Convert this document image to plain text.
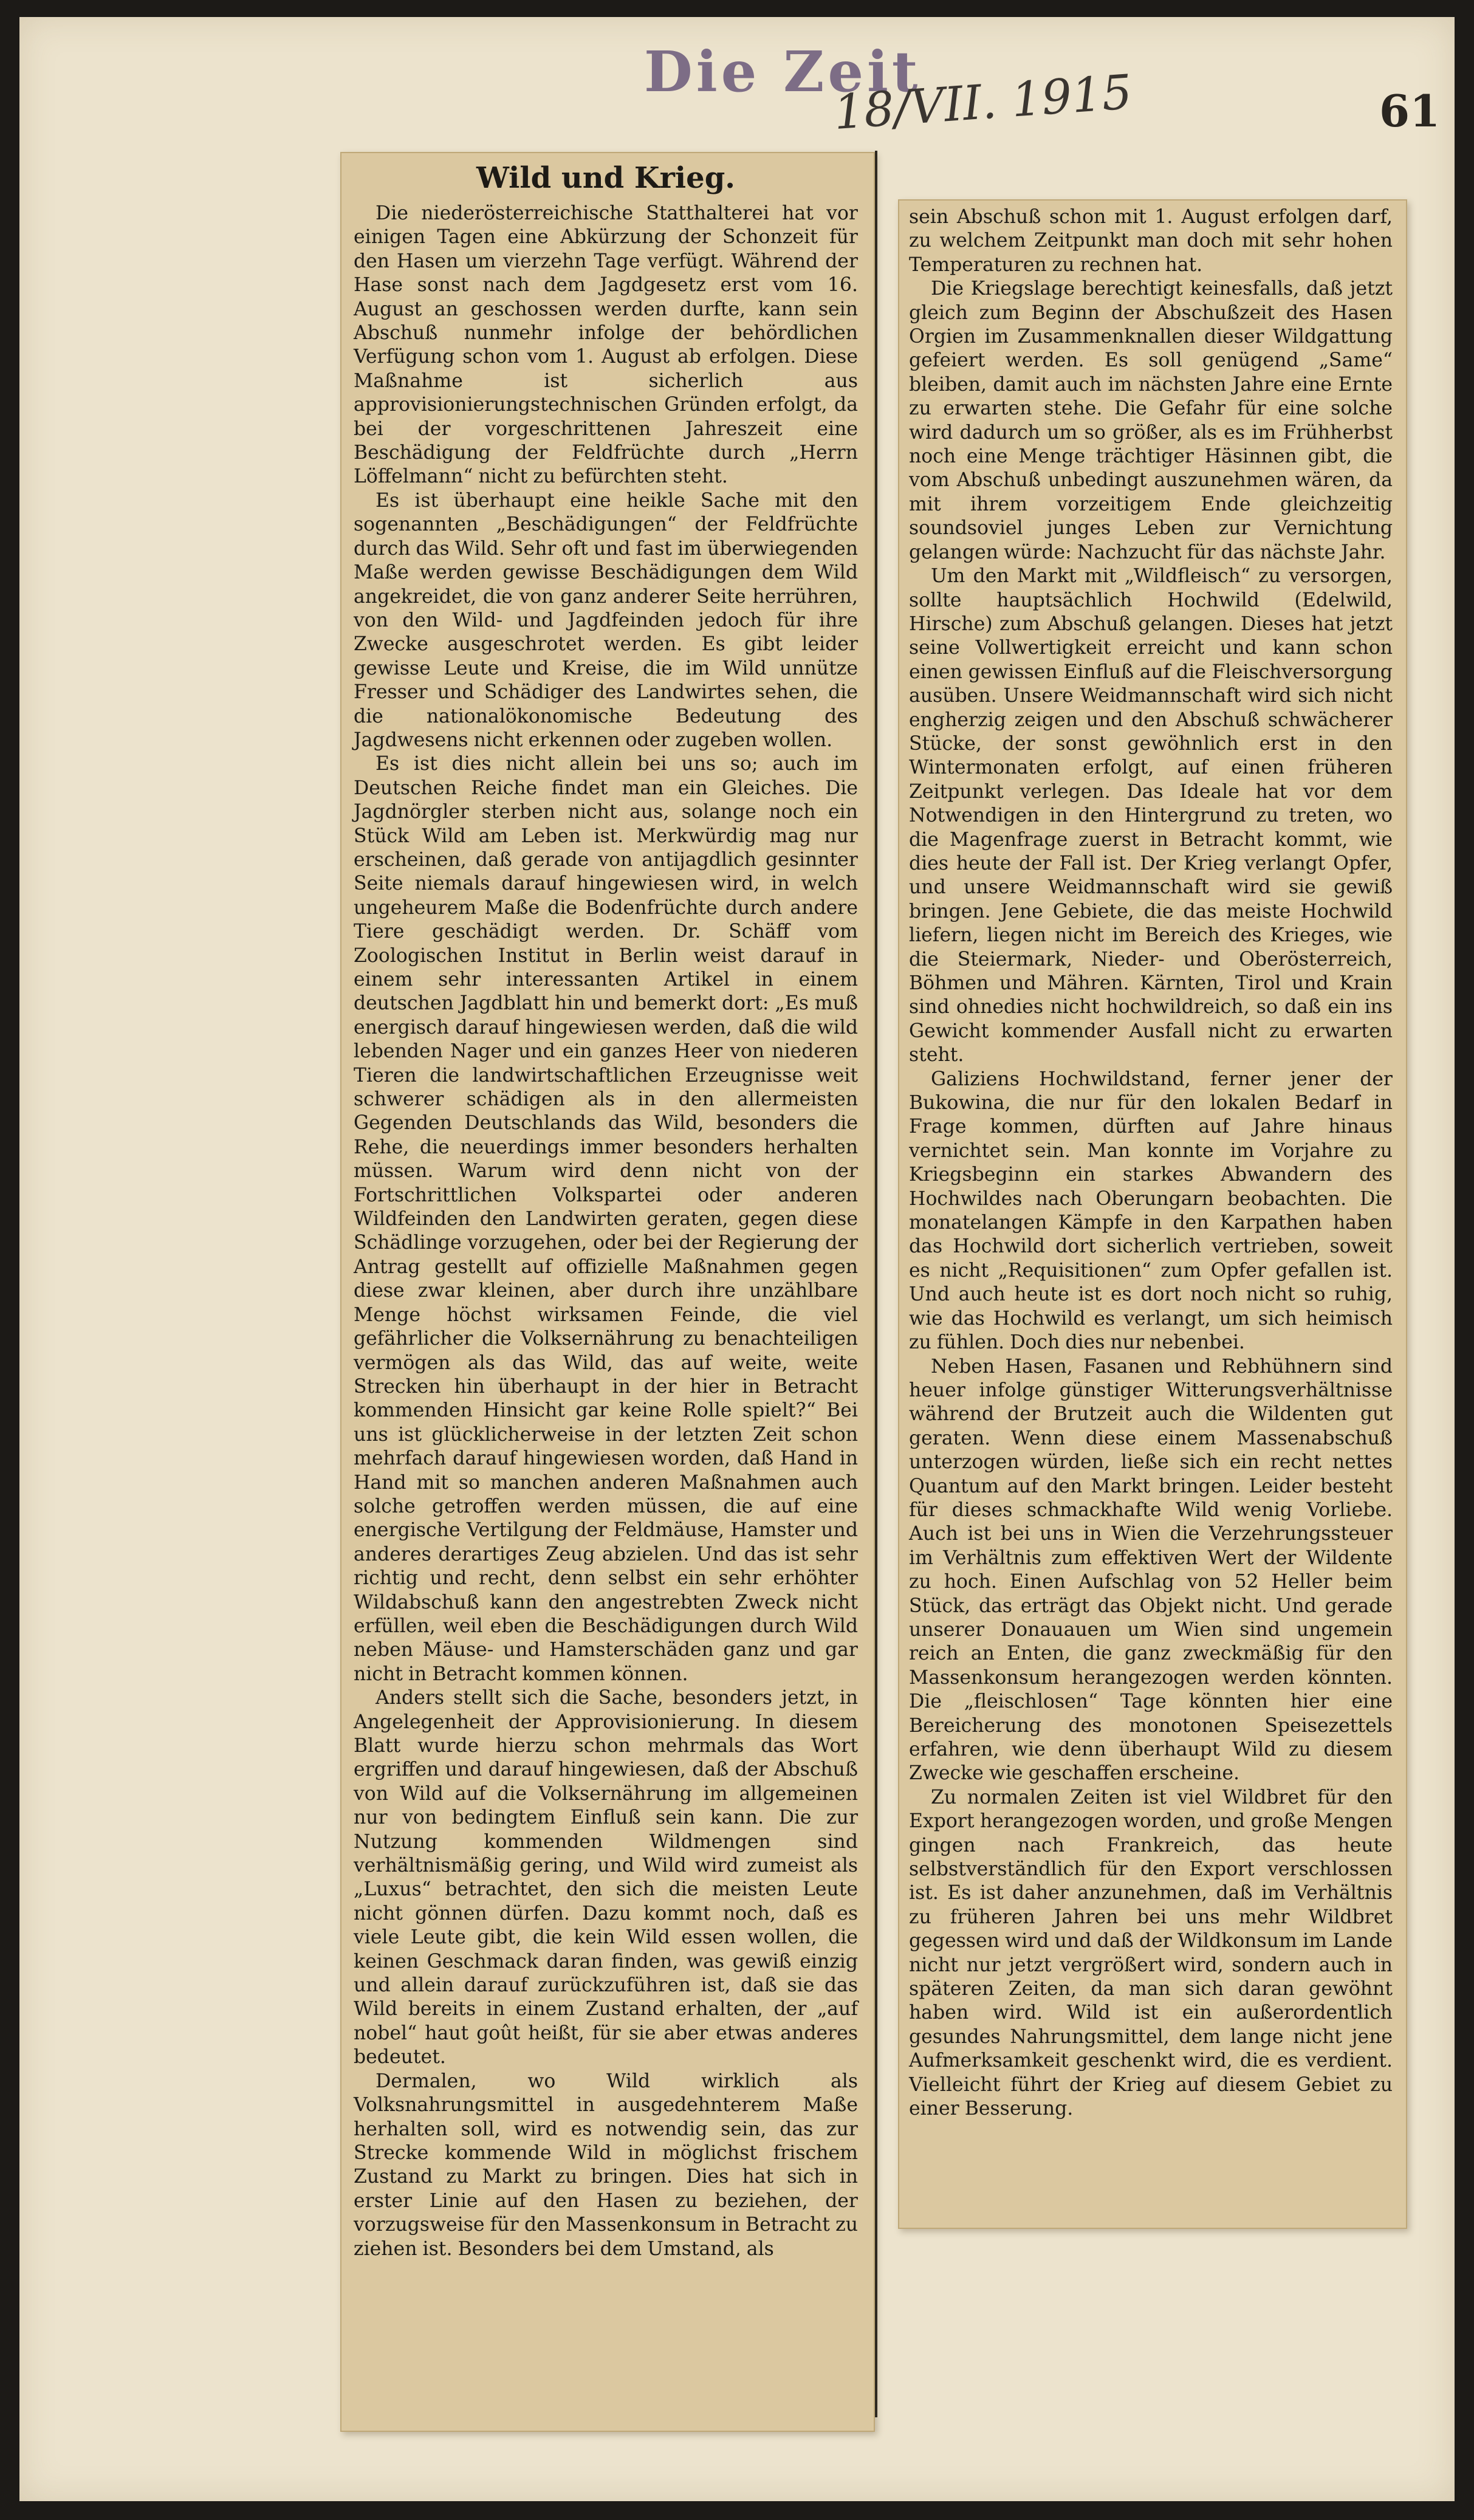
Die Zeit
18/VII. 1915	61
Wild und Krieg.

Die niederösterreichische Statthalterei hat vor einigen Tagen eine Abkürzung der Schonzeit für den Hasen um vierzehn Tage verfügt. Während der Hase sonst nach dem Jagdgesetz erst vom 16. August an geschossen werden durfte, kann sein Abschuß nunmehr infolge der behördlichen Verfügung schon vom 1. August ab erfolgen. Diese Maßnahme ist sicherlich aus approvisionierungstechnischen Gründen erfolgt, da bei der vorgeschrittenen Jahreszeit eine Beschädigung der Feldfrüchte durch „Herrn Löffelmann“ nicht zu befürchten steht.

Es ist überhaupt eine heikle Sache mit den sogenannten „Beschädigungen“ der Feldfrüchte durch das Wild. Sehr oft und fast im überwiegenden Maße werden gewisse Beschädigungen dem Wild angekreidet, die von ganz anderer Seite herrühren, von den Wild- und Jagdfeinden jedoch für ihre Zwecke ausgeschrotet werden. Es gibt leider gewisse Leute und Kreise, die im Wild unnütze Fresser und Schädiger des Landwirtes sehen, die die nationalökonomische Bedeutung des Jagdwesens nicht erkennen oder zugeben wollen.

Es ist dies nicht allein bei uns so; auch im Deutschen Reiche findet man ein Gleiches. Die Jagdnörgler sterben nicht aus, solange noch ein Stück Wild am Leben ist. Merkwürdig mag nur erscheinen, daß gerade von antijagdlich gesinnter Seite niemals darauf hingewiesen wird, in welch ungeheurem Maße die Bodenfrüchte durch andere Tiere geschädigt werden. Dr. Schäff vom Zoologischen Institut in Berlin weist darauf in einem sehr interessanten Artikel in einem deutschen Jagdblatt hin und bemerkt dort: „Es muß energisch darauf hingewiesen werden, daß die wild lebenden Nager und ein ganzes Heer von niederen Tieren die landwirtschaftlichen Erzeugnisse weit schwerer schädigen als in den allermeisten Gegenden Deutschlands das Wild, besonders die Rehe, die neuerdings immer besonders herhalten müssen. Warum wird denn nicht von der Fortschrittlichen Volkspartei oder anderen Wildfeinden den Landwirten geraten, gegen diese Schädlinge vorzugehen, oder bei der Regierung der Antrag gestellt auf offizielle Maßnahmen gegen diese zwar kleinen, aber durch ihre unzählbare Menge höchst wirksamen Feinde, die viel gefährlicher die Volksernährung zu benachteiligen vermögen als das Wild, das auf weite, weite Strecken hin überhaupt in der hier in Betracht kommenden Hinsicht gar keine Rolle spielt?“ Bei uns ist glücklicherweise in der letzten Zeit schon mehrfach darauf hingewiesen worden, daß Hand in Hand mit so manchen anderen Maßnahmen auch solche getroffen werden müssen, die auf eine energische Vertilgung der Feldmäuse, Hamster und anderes derartiges Zeug abzielen. Und das ist sehr richtig und recht, denn selbst ein sehr erhöhter Wildabschuß kann den angestrebten Zweck nicht erfüllen, weil eben die Beschädigungen durch Wild neben Mäuse- und Hamsterschäden ganz und gar nicht in Betracht kommen können.

Anders stellt sich die Sache, besonders jetzt, in Angelegenheit der Approvisionierung. In diesem Blatt wurde hierzu schon mehrmals das Wort ergriffen und darauf hingewiesen, daß der Abschuß von Wild auf die Volksernährung im allgemeinen nur von bedingtem Einfluß sein kann. Die zur Nutzung kommenden Wildmengen sind verhältnismäßig gering, und Wild wird zumeist als „Luxus“ betrachtet, den sich die meisten Leute nicht gönnen dürfen. Dazu kommt noch, daß es viele Leute gibt, die kein Wild essen wollen, die keinen Geschmack daran finden, was gewiß einzig und allein darauf zurückzuführen ist, daß sie das Wild bereits in einem Zustand erhalten, der „auf nobel“ haut goût heißt, für sie aber etwas anderes bedeutet.

Dermalen, wo Wild wirklich als Volksnahrungsmittel in ausgedehnterem Maße herhalten soll, wird es notwendig sein, das zur Strecke kommende Wild in möglichst frischem Zustand zu Markt zu bringen. Dies hat sich in erster Linie auf den Hasen zu beziehen, der vorzugsweise für den Massenkonsum in Betracht zu ziehen ist. Besonders bei dem Umstand, als

sein Abschuß schon mit 1. August erfolgen darf, zu welchem Zeitpunkt man doch mit sehr hohen Temperaturen zu rechnen hat.

Die Kriegslage berechtigt keinesfalls, daß jetzt gleich zum Beginn der Abschußzeit des Hasen Orgien im Zusammenknallen dieser Wildgattung gefeiert werden. Es soll genügend „Same“ bleiben, damit auch im nächsten Jahre eine Ernte zu erwarten stehe. Die Gefahr für eine solche wird dadurch um so größer, als es im Frühherbst noch eine Menge trächtiger Häsinnen gibt, die vom Abschuß unbedingt auszunehmen wären, da mit ihrem vorzeitigem Ende gleichzeitig soundsoviel junges Leben zur Vernichtung gelangen würde: Nachzucht für das nächste Jahr.

Um den Markt mit „Wildfleisch“ zu versorgen, sollte hauptsächlich Hochwild (Edelwild, Hirsche) zum Abschuß gelangen. Dieses hat jetzt seine Vollwertigkeit erreicht und kann schon einen gewissen Einfluß auf die Fleischversorgung ausüben. Unsere Weidmannschaft wird sich nicht engherzig zeigen und den Abschuß schwächerer Stücke, der sonst gewöhnlich erst in den Wintermonaten erfolgt, auf einen früheren Zeitpunkt verlegen. Das Ideale hat vor dem Notwendigen in den Hintergrund zu treten, wo die Magenfrage zuerst in Betracht kommt, wie dies heute der Fall ist. Der Krieg verlangt Opfer, und unsere Weidmannschaft wird sie gewiß bringen. Jene Gebiete, die das meiste Hochwild liefern, liegen nicht im Bereich des Krieges, wie die Steiermark, Nieder- und Oberösterreich, Böhmen und Mähren. Kärnten, Tirol und Krain sind ohnedies nicht hochwildreich, so daß ein ins Gewicht kommender Ausfall nicht zu erwarten steht.

Galiziens Hochwildstand, ferner jener der Bukowina, die nur für den lokalen Bedarf in Frage kommen, dürften auf Jahre hinaus vernichtet sein. Man konnte im Vorjahre zu Kriegsbeginn ein starkes Abwandern des Hochwildes nach Oberungarn beobachten. Die monatelangen Kämpfe in den Karpathen haben das Hochwild dort sicherlich vertrieben, soweit es nicht „Requisitionen“ zum Opfer gefallen ist. Und auch heute ist es dort noch nicht so ruhig, wie das Hochwild es verlangt, um sich heimisch zu fühlen. Doch dies nur nebenbei.

Neben Hasen, Fasanen und Rebhühnern sind heuer infolge günstiger Witterungsverhältnisse während der Brutzeit auch die Wildenten gut geraten. Wenn diese einem Massenabschuß unterzogen würden, ließe sich ein recht nettes Quantum auf den Markt bringen. Leider besteht für dieses schmackhafte Wild wenig Vorliebe. Auch ist bei uns in Wien die Verzehrungssteuer im Verhältnis zum effektiven Wert der Wildente zu hoch. Einen Aufschlag von 52 Heller beim Stück, das erträgt das Objekt nicht. Und gerade unserer Donauauen um Wien sind ungemein reich an Enten, die ganz zweckmäßig für den Massenkonsum herangezogen werden könnten. Die „fleischlosen“ Tage könnten hier eine Bereicherung des monotonen Speisezettels erfahren, wie denn überhaupt Wild zu diesem Zwecke wie geschaffen erscheine.

Zu normalen Zeiten ist viel Wildbret für den Export herangezogen worden, und große Mengen gingen nach Frankreich, das heute selbstverständlich für den Export verschlossen ist. Es ist daher anzunehmen, daß im Verhältnis zu früheren Jahren bei uns mehr Wildbret gegessen wird und daß der Wildkonsum im Lande nicht nur jetzt vergrößert wird, sondern auch in späteren Zeiten, da man sich daran gewöhnt haben wird. Wild ist ein außerordentlich gesundes Nahrungsmittel, dem lange nicht jene Aufmerksamkeit geschenkt wird, die es verdient. Vielleicht führt der Krieg auf diesem Gebiet zu einer Besserung.
